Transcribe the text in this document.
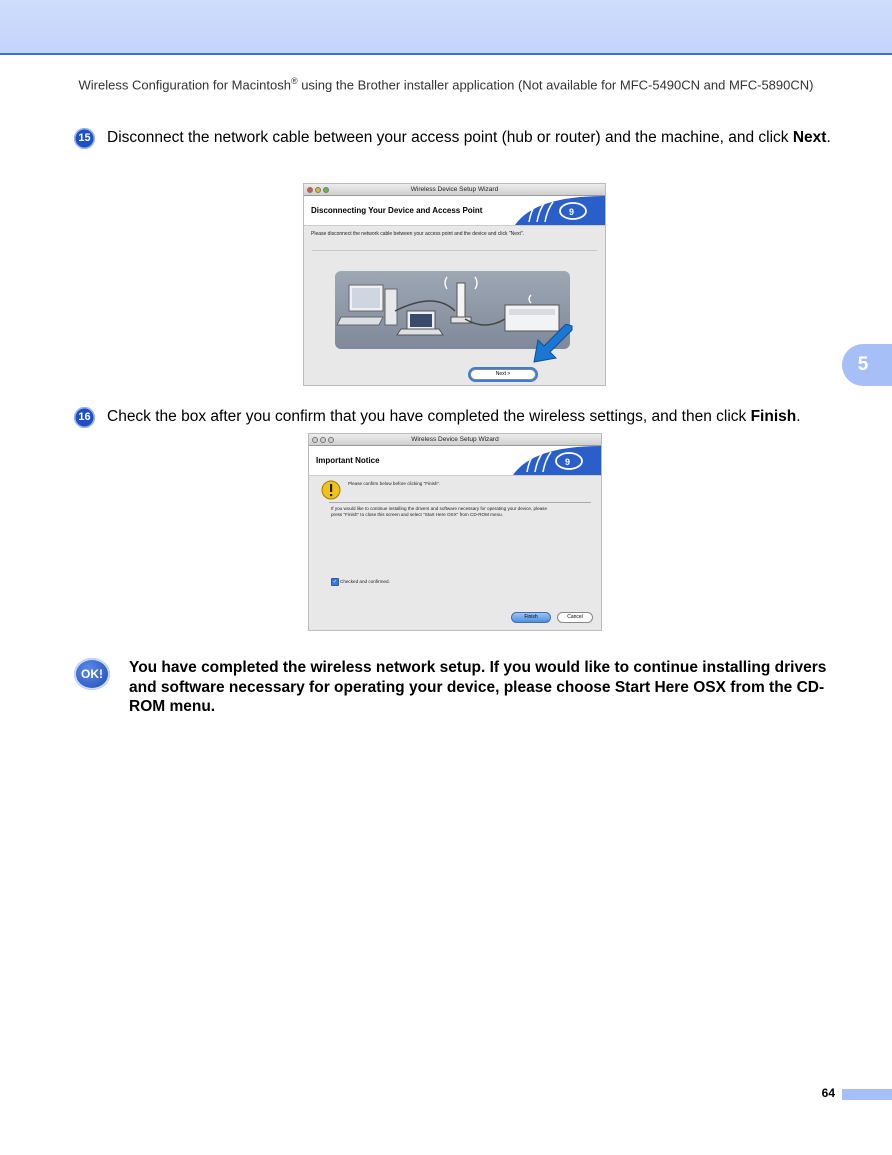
Wireless Configuration for Macintosh® using the Brother installer application (Not available for MFC-5490CN and MFC-5890CN)
15 Disconnect the network cable between your access point (hub or router) and the machine, and click Next.
Wireless Device Setup Wizard
Disconnecting Your Device and Access Point	9
Please disconnect the network cable between your access point and the device and click "Next".
Next >	5
16 Check the box after you confirm that you have completed the wireless settings, and then click Finish.
Wireless Device Setup Wizard
Important Notice	9
Please confirm below before clicking "Finish".
If you would like to continue installing the drivers and software necessary for operating your device, please press "Finish" to close this screen and select "Start Here OSX" from CD-ROM menu.
✓ Checked and confirmed.
Finish	Cancel
OK!	You have completed the wireless network setup. If you would like to continue installing drivers and software necessary for operating your device, please choose Start Here OSX from the CD-ROM menu.
64
